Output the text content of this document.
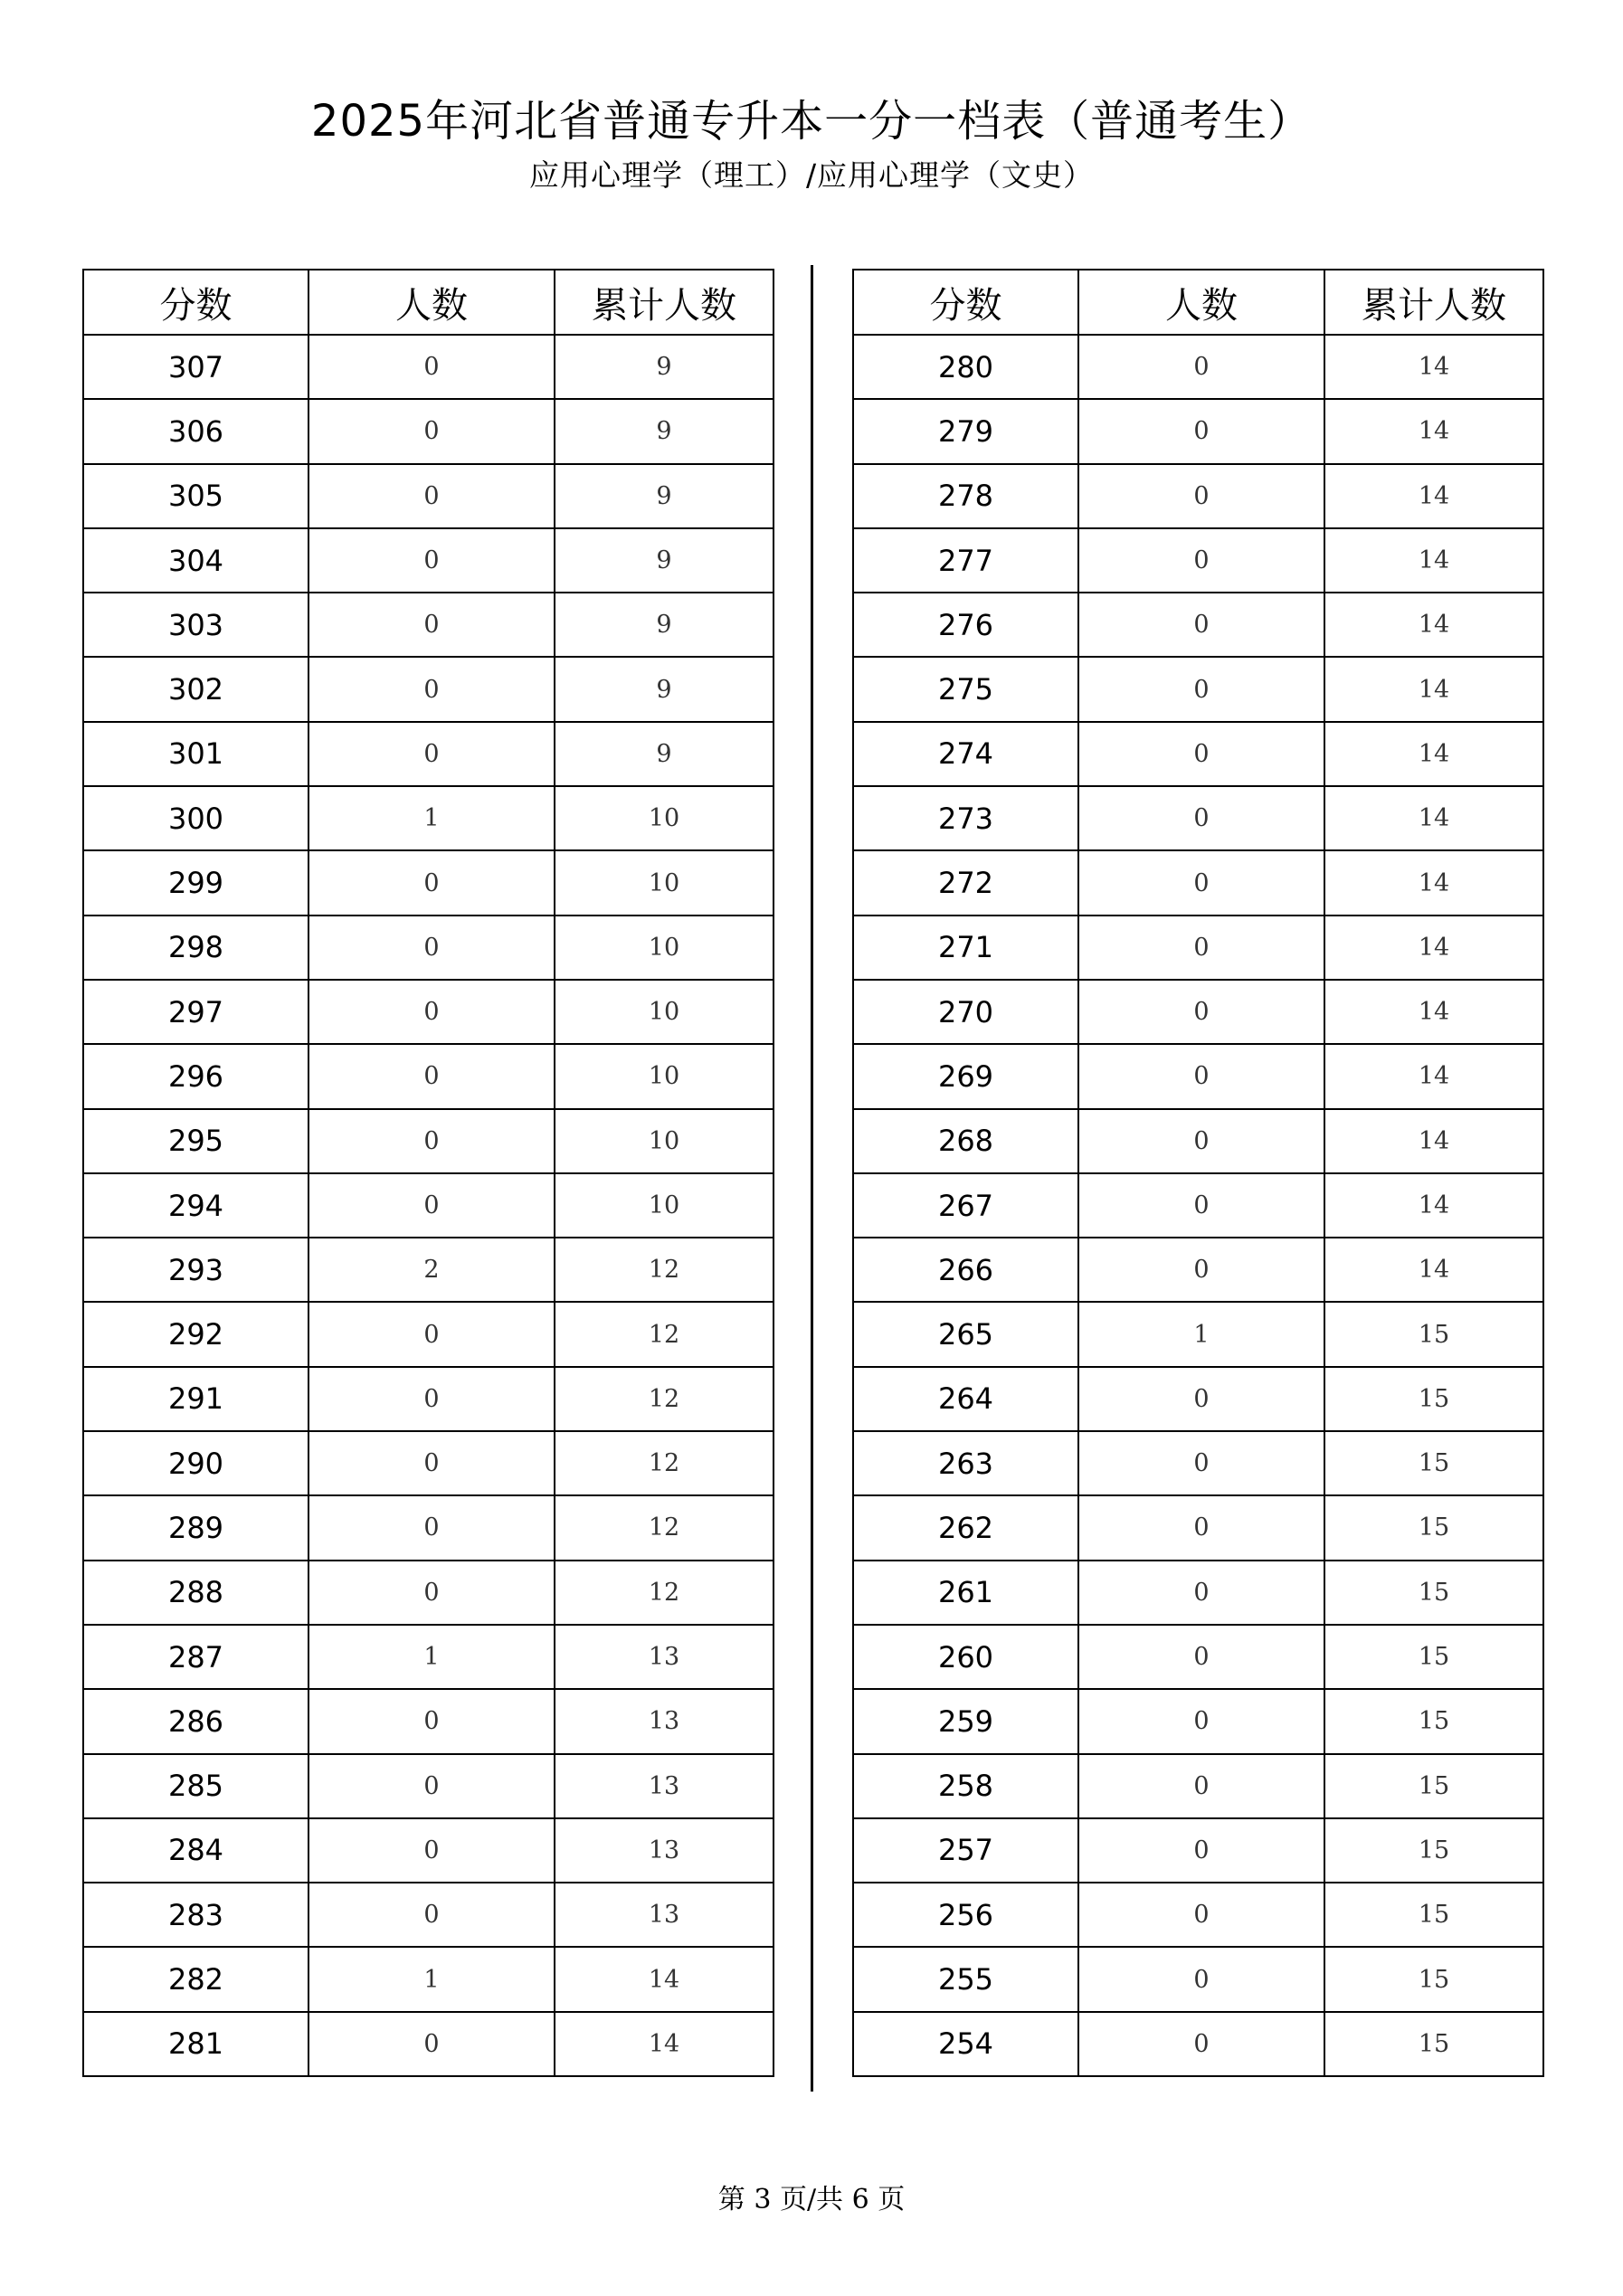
2025年河北省普通专升本一分一档表（普通考生）
应用心理学（理工）/应用心理学（文史）
分数	人数	累计人数
307	0	9
306	0	9
305	0	9
304	0	9
303	0	9
302	0	9
301	0	9
300	1	10
299	0	10
298	0	10
297	0	10
296	0	10
295	0	10
294	0	10
293	2	12
292	0	12
291	0	12
290	0	12
289	0	12
288	0	12
287	1	13
286	0	13
285	0	13
284	0	13
283	0	13
282	1	14
281	0	14
分数	人数	累计人数
280	0	14
279	0	14
278	0	14
277	0	14
276	0	14
275	0	14
274	0	14
273	0	14
272	0	14
271	0	14
270	0	14
269	0	14
268	0	14
267	0	14
266	0	14
265	1	15
264	0	15
263	0	15
262	0	15
261	0	15
260	0	15
259	0	15
258	0	15
257	0	15
256	0	15
255	0	15
254	0	15
第 3 页/共 6 页
